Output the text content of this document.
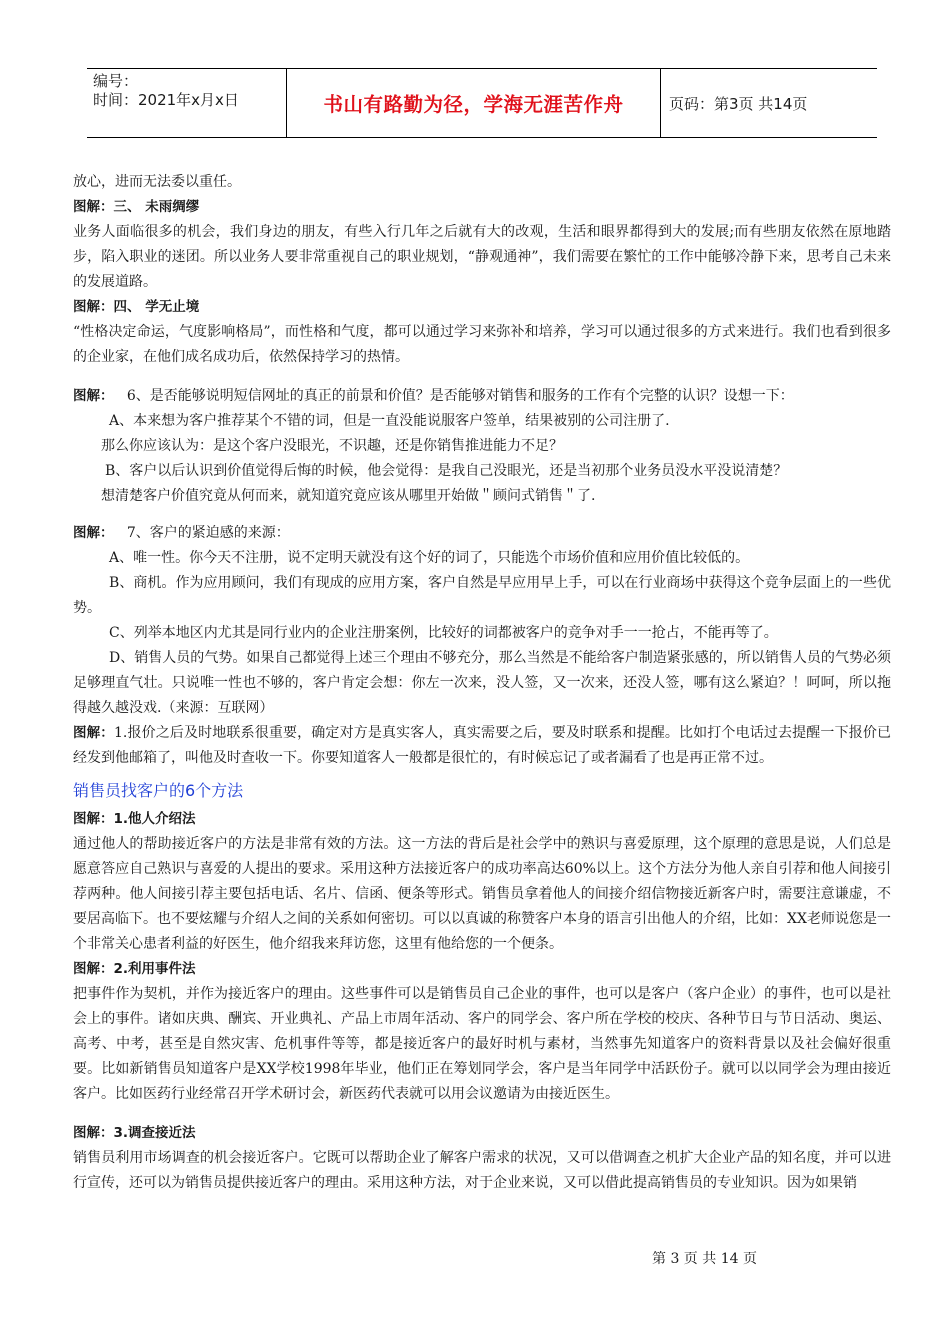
编号：
时间：2021年x月x日	书山有路勤为径，学海无涯苦作舟	页码：第3页 共14页

放心，进而无法委以重任。

图解：三、 未雨绸缪

业务人面临很多的机会，我们身边的朋友，有些入行几年之后就有大的改观，生活和眼界都得到大的发展;而有些朋友依然在原地踏步，陷入职业的迷团。所以业务人要非常重视自己的职业规划，“静观通神”，我们需要在繁忙的工作中能够冷静下来，思考自己未来的发展道路。

图解：四、 学无止境

“性格决定命运，气度影响格局”，而性格和气度，都可以通过学习来弥补和培养，学习可以通过很多的方式来进行。我们也看到很多的企业家，在他们成名成功后，依然保持学习的热情。

图解：   6、是否能够说明短信网址的真正的前景和价值？是否能够对销售和服务的工作有个完整的认识？设想一下：

A、本来想为客户推荐某个不错的词，但是一直没能说服客户签单，结果被别的公司注册了.

那么你应该认为：是这个客户没眼光，不识趣，还是你销售推进能力不足？

B、客户以后认识到价值觉得后悔的时候，他会觉得：是我自己没眼光，还是当初那个业务员没水平没说清楚？

想清楚客户价值究竟从何而来，就知道究竟应该从哪里开始做＂顾问式销售＂了.

图解：   7、客户的紧迫感的来源：

A、唯一性。你今天不注册，说不定明天就没有这个好的词了，只能选个市场价值和应用价值比较低的。

B、商机。作为应用顾问，我们有现成的应用方案，客户自然是早应用早上手，可以在行业商场中获得这个竞争层面上的一些优势。

C、列举本地区内尤其是同行业内的企业注册案例，比较好的词都被客户的竞争对手一一抢占，不能再等了。

D、销售人员的气势。如果自己都觉得上述三个理由不够充分，那么当然是不能给客户制造紧张感的，所以销售人员的气势必须足够理直气壮。只说唯一性也不够的，客户肯定会想：你左一次来，没人签，又一次来，还没人签，哪有这么紧迫？！呵呵，所以拖得越久越没戏.（来源：互联网）

图解：1.报价之后及时地联系很重要，确定对方是真实客人，真实需要之后，要及时联系和提醒。比如打个电话过去提醒一下报价已经发到他邮箱了，叫他及时查收一下。你要知道客人一般都是很忙的，有时候忘记了或者漏看了也是再正常不过。

销售员找客户的6个方法

图解：1.他人介绍法

通过他人的帮助接近客户的方法是非常有效的方法。这一方法的背后是社会学中的熟识与喜爱原理，这个原理的意思是说，人们总是愿意答应自己熟识与喜爱的人提出的要求。采用这种方法接近客户的成功率高达60%以上。这个方法分为他人亲自引荐和他人间接引荐两种。他人间接引荐主要包括电话、名片、信函、便条等形式。销售员拿着他人的间接介绍信物接近新客户时，需要注意谦虚，不要居高临下。也不要炫耀与介绍人之间的关系如何密切。可以以真诚的称赞客户本身的语言引出他人的介绍，比如：XX老师说您是一个非常关心患者利益的好医生，他介绍我来拜访您，这里有他给您的一个便条。

图解：2.利用事件法

把事件作为契机，并作为接近客户的理由。这些事件可以是销售员自己企业的事件，也可以是客户（客户企业）的事件，也可以是社会上的事件。诸如庆典、酬宾、开业典礼、产品上市周年活动、客户的同学会、客户所在学校的校庆、各种节日与节日活动、奥运、高考、中考，甚至是自然灾害、危机事件等等，都是接近客户的最好时机与素材，当然事先知道客户的资料背景以及社会偏好很重要。比如新销售员知道客户是XX学校1998年毕业，他们正在筹划同学会，客户是当年同学中活跃份子。就可以以同学会为理由接近客户。比如医药行业经常召开学术研讨会，新医药代表就可以用会议邀请为由接近医生。

图解：3.调查接近法

销售员利用市场调查的机会接近客户。它既可以帮助企业了解客户需求的状况，又可以借调查之机扩大企业产品的知名度，并可以进行宣传，还可以为销售员提供接近客户的理由。采用这种方法，对于企业来说，又可以借此提高销售员的专业知识。因为如果销

第 3 页 共 14 页
